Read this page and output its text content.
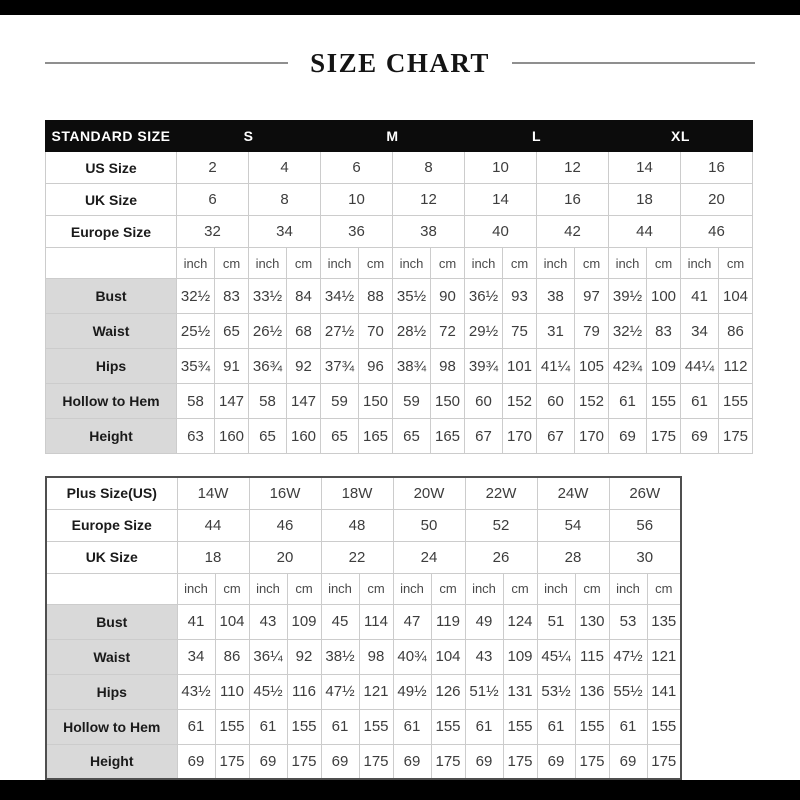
SIZE CHART
STANDARD SIZE	S				M				L				XL			
US Size	2		4		6		8		10		12		14		16	
UK Size	6		8		10		12		14		16		18		20	
Europe Size	32		34		36		38		40		42		44		46	
	inch	cm	inch	cm	inch	cm	inch	cm	inch	cm	inch	cm	inch	cm	inch	cm
Bust	32½	83	33½	84	34½	88	35½	90	36½	93	38	97	39½	100	41	104
Waist	25½	65	26½	68	27½	70	28½	72	29½	75	31	79	32½	83	34	86
Hips	35¾	91	36¾	92	37¾	96	38¾	98	39¾	101	41¼	105	42¾	109	44¼	112
Hollow to Hem	58	147	58	147	59	150	59	150	60	152	60	152	61	155	61	155
Height	63	160	65	160	65	165	65	165	67	170	67	170	69	175	69	175
Plus Size(US)	14W		16W		18W		20W		22W		24W		26W	
Europe Size	44		46		48		50		52		54		56	
UK Size	18		20		22		24		26		28		30	
	inch	cm	inch	cm	inch	cm	inch	cm	inch	cm	inch	cm	inch	cm
Bust	41	104	43	109	45	114	47	119	49	124	51	130	53	135
Waist	34	86	36¼	92	38½	98	40¾	104	43	109	45¼	115	47½	121
Hips	43½	110	45½	116	47½	121	49½	126	51½	131	53½	136	55½	141
Hollow to Hem	61	155	61	155	61	155	61	155	61	155	61	155	61	155
Height	69	175	69	175	69	175	69	175	69	175	69	175	69	175
